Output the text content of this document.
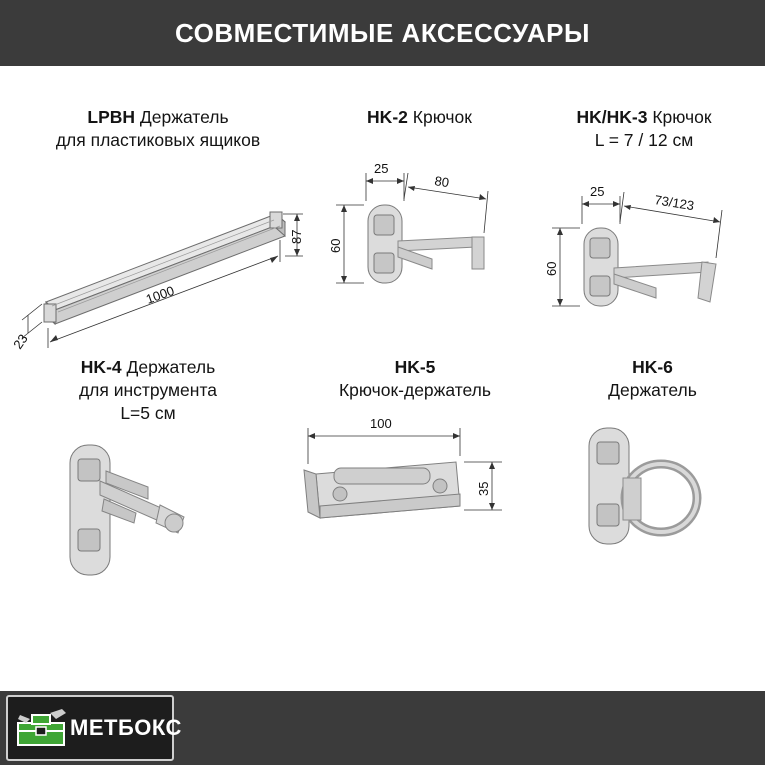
СОВМЕСТИМЫЕ АКСЕССУАРЫ
LPBH Держатель
для пластиковых ящиков
87
1000
23
HK-2 Крючок
25
80
60
HK/HK-3 Крючок
L = 7 / 12 см
25
73/123
60
HK-4 Держатель
для инструмента
L=5 см
HK-5
Крючок-держатель
100
35
HK-6
Держатель
МЕТБОКС
